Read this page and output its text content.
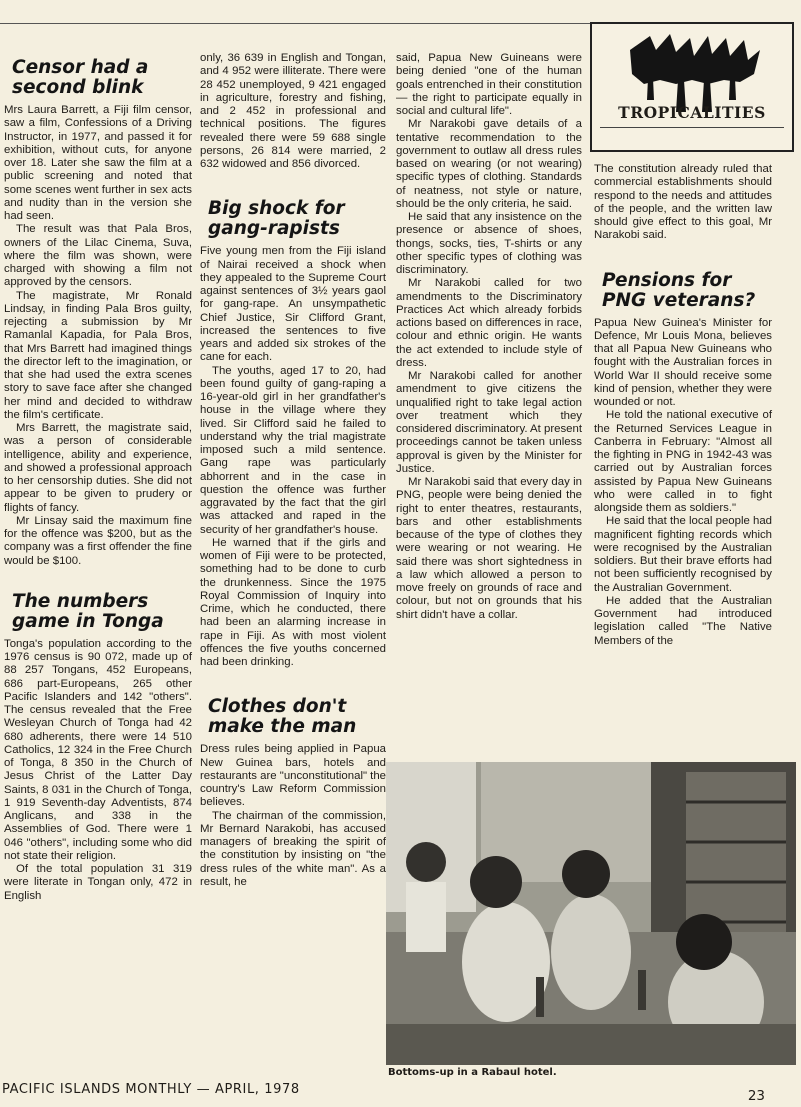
Censor had a second blink

Mrs Laura Barrett, a Fiji film censor, saw a film, Confessions of a Driving Instructor, in 1977, and passed it for exhibition, without cuts, for anyone over 18. Later she saw the film at a public screening and noted that some scenes went further in sex acts and nudity than in the version she had seen.

The result was that Pala Bros, owners of the Lilac Cinema, Suva, where the film was shown, were charged with showing a film not approved by the censors.

The magistrate, Mr Ronald Lindsay, in finding Pala Bros guilty, rejecting a submission by Mr Ramanlal Kapadia, for Pala Bros, that Mrs Barrett had imagined things the director left to the imagination, or that she had used the extra scenes story to save face after she changed her mind and decided to withdraw the film's certificate.

Mrs Barrett, the magistrate said, was a person of considerable intelligence, ability and experience, and showed a professional approach to her censorship duties. She did not appear to be given to prudery or flights of fancy.

Mr Linsay said the maximum fine for the offence was $200, but as the company was a first offender the fine would be $100.

The numbers game in Tonga

Tonga's population according to the 1976 census is 90 072, made up of 88 257 Tongans, 452 Europeans, 686 part-Europeans, 265 other Pacific Islanders and 142 "others". The census revealed that the Free Wesleyan Church of Tonga had 42 680 adherents, there were 14 510 Catholics, 12 324 in the Free Church of Tonga, 8 350 in the Church of Jesus Christ of the Latter Day Saints, 8 031 in the Church of Tonga, 1 919 Seventh-day Adventists, 874 Anglicans, and 338 in the Assemblies of God. There were 1 046 "others", including some who did not state their religion.

Of the total population 31 319 were literate in Tongan only, 472 in English

only, 36 639 in English and Tongan, and 4 952 were illiterate. There were 28 452 unemployed, 9 421 engaged in agriculture, forestry and fishing, and 2 452 in professional and technical positions. The figures revealed there were 59 688 single persons, 26 814 were married, 2 632 widowed and 856 divorced.

Big shock for gang-rapists

Five young men from the Fiji island of Nairai received a shock when they appealed to the Supreme Court against sentences of 3½ years gaol for gang-rape. An unsympathetic Chief Justice, Sir Clifford Grant, increased the sentences to five years and added six strokes of the cane for each.

The youths, aged 17 to 20, had been found guilty of gang-raping a 16-year-old girl in her grandfather's house in the village where they lived. Sir Clifford said he failed to understand why the trial magistrate imposed such a mild sentence. Gang rape was particularly abhorrent and in the case in question the offence was further aggravated by the fact that the girl was attacked and raped in the security of her grandfather's house.

He warned that if the girls and women of Fiji were to be protected, something had to be done to curb the drunkenness. Since the 1975 Royal Commission of Inquiry into Crime, which he conducted, there had been an alarming increase in rape in Fiji. As with most violent offences the five youths concerned had been drinking.

Clothes don't make the man

Dress rules being applied in Papua New Guinea bars, hotels and restaurants are "unconstitutional" the country's Law Reform Commission believes.

The chairman of the commission, Mr Bernard Narakobi, has accused managers of breaking the spirit of the constitution by insisting on "the dress rules of the white man". As a result, he

said, Papua New Guineans were being denied "one of the human goals entrenched in their constitution — the right to participate equally in social and cultural life".

Mr Narakobi gave details of a tentative recommendation to the government to outlaw all dress rules based on wearing (or not wearing) specific types of clothing. Standards of neatness, not style or nature, should be the only criteria, he said.

He said that any insistence on the presence or absence of shoes, thongs, socks, ties, T-shirts or any other specific types of clothing was discriminatory.

Mr Narakobi called for two amendments to the Discriminatory Practices Act which already forbids actions based on differences in race, colour and ethnic origin. He wants the act extended to include style of dress.

Mr Narakobi called for another amendment to give citizens the unqualified right to take legal action over treatment which they considered discriminatory. At present proceedings cannot be taken unless approval is given by the Minister for Justice.

Mr Narakobi said that every day in PNG, people were being denied the right to enter theatres, restaurants, bars and other establishments because of the type of clothes they were wearing or not wearing. He said there was short sightedness in a law which allowed a person to move freely on grounds of race and colour, but not on grounds that his shirt didn't have a collar.

TROPICALITIES

The constitution already ruled that commercial establishments should respond to the needs and attitudes of the people, and the written law should give effect to this goal, Mr Narakobi said.

Pensions for PNG veterans?

Papua New Guinea's Minister for Defence, Mr Louis Mona, believes that all Papua New Guineans who fought with the Australian forces in World War II should receive some kind of pension, whether they were wounded or not.

He told the national executive of the Returned Services League in Canberra in February: "Almost all the fighting in PNG in 1942-43 was carried out by Australian forces assisted by Papua New Guineans who were called in to fight alongside them as soldiers."

He said that the local people had magnificent fighting records which were recognised by the Australian soldiers. But their brave efforts had not been sufficiently recognised by the Australian Government.

He added that the Australian Government had introduced legislation called "The Native Members of the

Bottoms-up in a Rabaul hotel.
PACIFIC ISLANDS MONTHLY — APRIL, 1978	23
